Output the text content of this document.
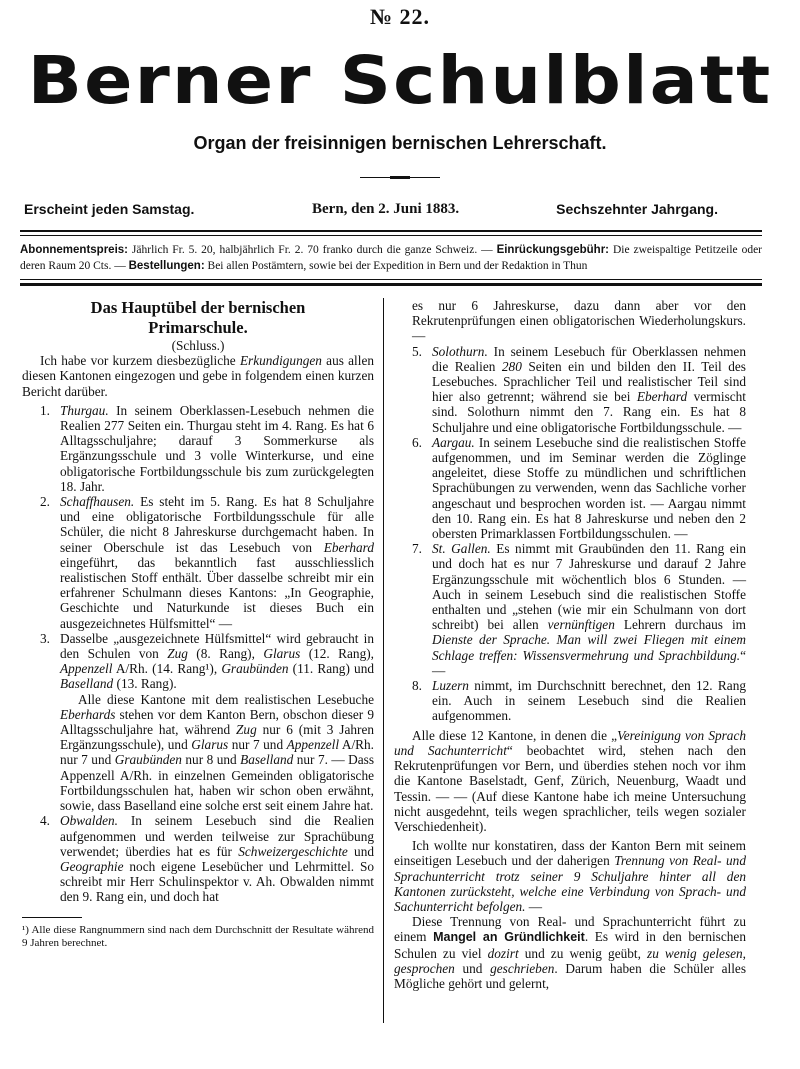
№ 22.
Berner Schulblatt
Organ der freisinnigen bernischen Lehrerschaft.
Erscheint jeden Samstag.	Bern, den 2. Juni 1883.	Sechszehnter Jahrgang.
Abonnementspreis: Jährlich Fr. 5. 20, halbjährlich Fr. 2. 70 franko durch die ganze Schweiz. — Einrückungsgebühr: Die zweispaltige Petitzeile oder deren Raum 20 Cts. — Bestellungen: Bei allen Postämtern, sowie bei der Expedition in Bern und der Redaktion in Thun

Das Hauptübel der bernischen
Primarschule.

(Schluss.)

Ich habe vor kurzem diesbezügliche Erkundigungen aus allen diesen Kantonen eingezogen und gebe in folgendem einen kurzen Bericht darüber.

1. Thurgau. In seinem Oberklassen-Lesebuch nehmen die Realien 277 Seiten ein. Thurgau steht im 4. Rang. Es hat 6 Alltagsschuljahre; darauf 3 Sommerkurse als Ergänzungsschule und 3 volle Winterkurse, und eine obligatorische Fortbildungsschule bis zum zurückgelegten 18. Jahr.

2. Schaffhausen. Es steht im 5. Rang. Es hat 8 Schuljahre und eine obligatorische Fortbildungsschule für alle Schüler, die nicht 8 Jahreskurse durchgemacht haben. In seiner Oberschule ist das Lesebuch von Eberhard eingeführt, das bekanntlich fast ausschliesslich realistischen Stoff enthält. Über dasselbe schreibt mir ein erfahrener Schulmann dieses Kantons: „In Geographie, Geschichte und Naturkunde ist dieses Buch ein ausgezeichnetes Hülfsmittel“ —

3. Dasselbe „ausgezeichnete Hülfsmittel“ wird gebraucht in den Schulen von Zug (8. Rang), Glarus (12. Rang), Appenzell A/Rh. (14. Rang¹), Graubünden (11. Rang) und Baselland (13. Rang).

Alle diese Kantone mit dem realistischen Lesebuche Eberhards stehen vor dem Kanton Bern, obschon dieser 9 Alltagsschuljahre hat, während Zug nur 6 (mit 3 Jahren Ergänzungsschule), und Glarus nur 7 und Appenzell A/Rh. nur 7 und Graubünden nur 8 und Baselland nur 7. — Dass Appenzell A/Rh. in einzelnen Gemeinden obligatorische Fortbildungsschulen hat, haben wir schon oben erwähnt, sowie, dass Baselland eine solche erst seit einem Jahre hat.

4. Obwalden. In seinem Lesebuch sind die Realien aufgenommen und werden teilweise zur Sprachübung verwendet; überdies hat es für Schweizergeschichte und Geographie noch eigene Lesebücher und Lehrmittel. So schreibt mir Herr Schulinspektor v. Ah. Obwalden nimmt den 9. Rang ein, und doch hat

¹) Alle diese Rangnummern sind nach dem Durchschnitt der Resultate während 9 Jahren berechnet.

es nur 6 Jahreskurse, dazu dann aber vor den Rekrutenprüfungen einen obligatorischen Wiederholungskurs. —

5. Solothurn. In seinem Lesebuch für Oberklassen nehmen die Realien 280 Seiten ein und bilden den II. Teil des Lesebuches. Sprachlicher Teil und realistischer Teil sind hier also getrennt; während sie bei Eberhard vermischt sind. Solothurn nimmt den 7. Rang ein. Es hat 8 Schuljahre und eine obligatorische Fortbildungsschule. —

6. Aargau. In seinem Lesebuche sind die realistischen Stoffe aufgenommen, und im Seminar werden die Zöglinge angeleitet, diese Stoffe zu mündlichen und schriftlichen Sprachübungen zu verwenden, wenn das Sachliche vorher angeschaut und besprochen worden ist. — Aargau nimmt den 10. Rang ein. Es hat 8 Jahreskurse und neben den 2 obersten Primarklassen Fortbildungsschulen. —

7. St. Gallen. Es nimmt mit Graubünden den 11. Rang ein und doch hat es nur 7 Jahreskurse und darauf 2 Jahre Ergänzungsschule mit wöchentlich blos 6 Stunden. — Auch in seinem Lesebuch sind die realistischen Stoffe enthalten und „stehen (wie mir ein Schulmann von dort schreibt) bei allen vernünftigen Lehrern durchaus im Dienste der Sprache. Man will zwei Fliegen mit einem Schlage treffen: Wissensvermehrung und Sprachbildung.“ —

8. Luzern nimmt, im Durchschnitt berechnet, den 12. Rang ein. Auch in seinem Lesebuch sind die Realien aufgenommen.

Alle diese 12 Kantone, in denen die „Vereinigung von Sprach und Sachunterricht“ beobachtet wird, stehen nach den Rekrutenprüfungen vor Bern, und überdies stehen noch vor ihm die Kantone Baselstadt, Genf, Zürich, Neuenburg, Waadt und Tessin. — — (Auf diese Kantone habe ich meine Untersuchung nicht ausgedehnt, teils wegen sprachlicher, teils wegen sozialer Verschiedenheit).

Ich wollte nur konstatiren, dass der Kanton Bern mit seinem einseitigen Lesebuch und der daherigen Trennung von Real- und Sprachunterricht trotz seiner 9 Schuljahre hinter all den Kantonen zurücksteht, welche eine Verbindung von Sprach- und Sachunterricht befolgen. —

Diese Trennung von Real- und Sprachunterricht führt zu einem Mangel an Gründlichkeit. Es wird in den bernischen Schulen zu viel dozirt und zu wenig geübt, zu wenig gelesen, gesprochen und geschrieben. Darum haben die Schüler alles Mögliche gehört und gelernt,
